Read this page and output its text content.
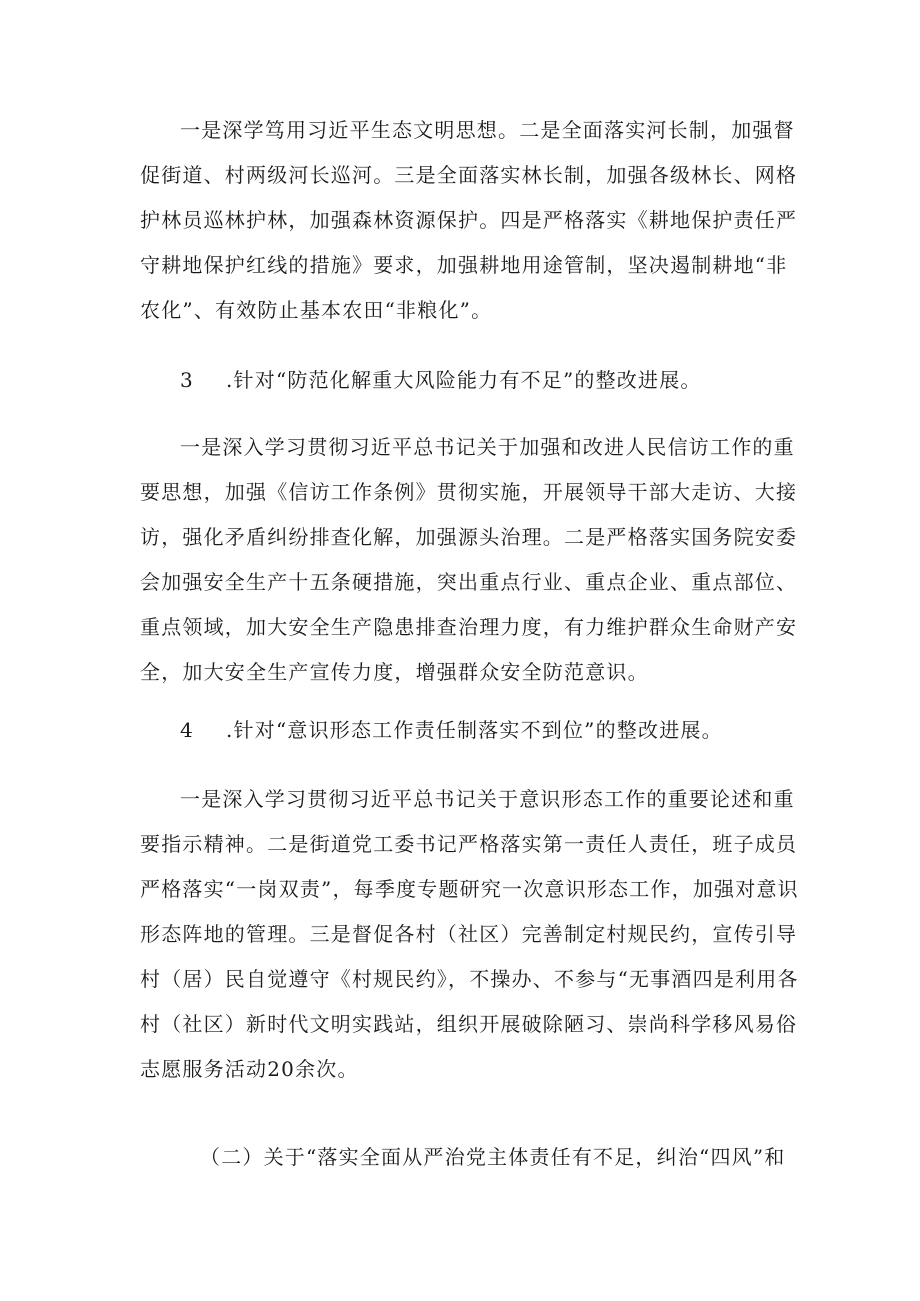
一是深学笃用习近平生态文明思想。二是全面落实河长制，加强督促街道、村两级河长巡河。三是全面落实林长制，加强各级林长、网格护林员巡林护林，加强森林资源保护。四是严格落实《耕地保护责任严守耕地保护红线的措施》要求，加强耕地用途管制，坚决遏制耕地“非农化”、有效防止基本农田“非粮化”。

3 .针对“防范化解重大风险能力有不足”的整改进展。

一是深入学习贯彻习近平总书记关于加强和改进人民信访工作的重要思想，加强《信访工作条例》贯彻实施，开展领导干部大走访、大接访，强化矛盾纠纷排查化解，加强源头治理。二是严格落实国务院安委会加强安全生产十五条硬措施，突出重点行业、重点企业、重点部位、重点领域，加大安全生产隐患排查治理力度，有力维护群众生命财产安全，加大安全生产宣传力度，增强群众安全防范意识。

4 .针对“意识形态工作责任制落实不到位”的整改进展。

一是深入学习贯彻习近平总书记关于意识形态工作的重要论述和重要指示精神。二是街道党工委书记严格落实第一责任人责任，班子成员严格落实“一岗双责”，每季度专题研究一次意识形态工作，加强对意识形态阵地的管理。三是督促各村（社区）完善制定村规民约，宣传引导村（居）民自觉遵守《村规民约》，不操办、不参与“无事酒四是利用各村（社区）新时代文明实践站，组织开展破除陋习、崇尚科学移风易俗志愿服务活动20余次。

（二）关于“落实全面从严治党主体责任有不足，纠治“四风”和
